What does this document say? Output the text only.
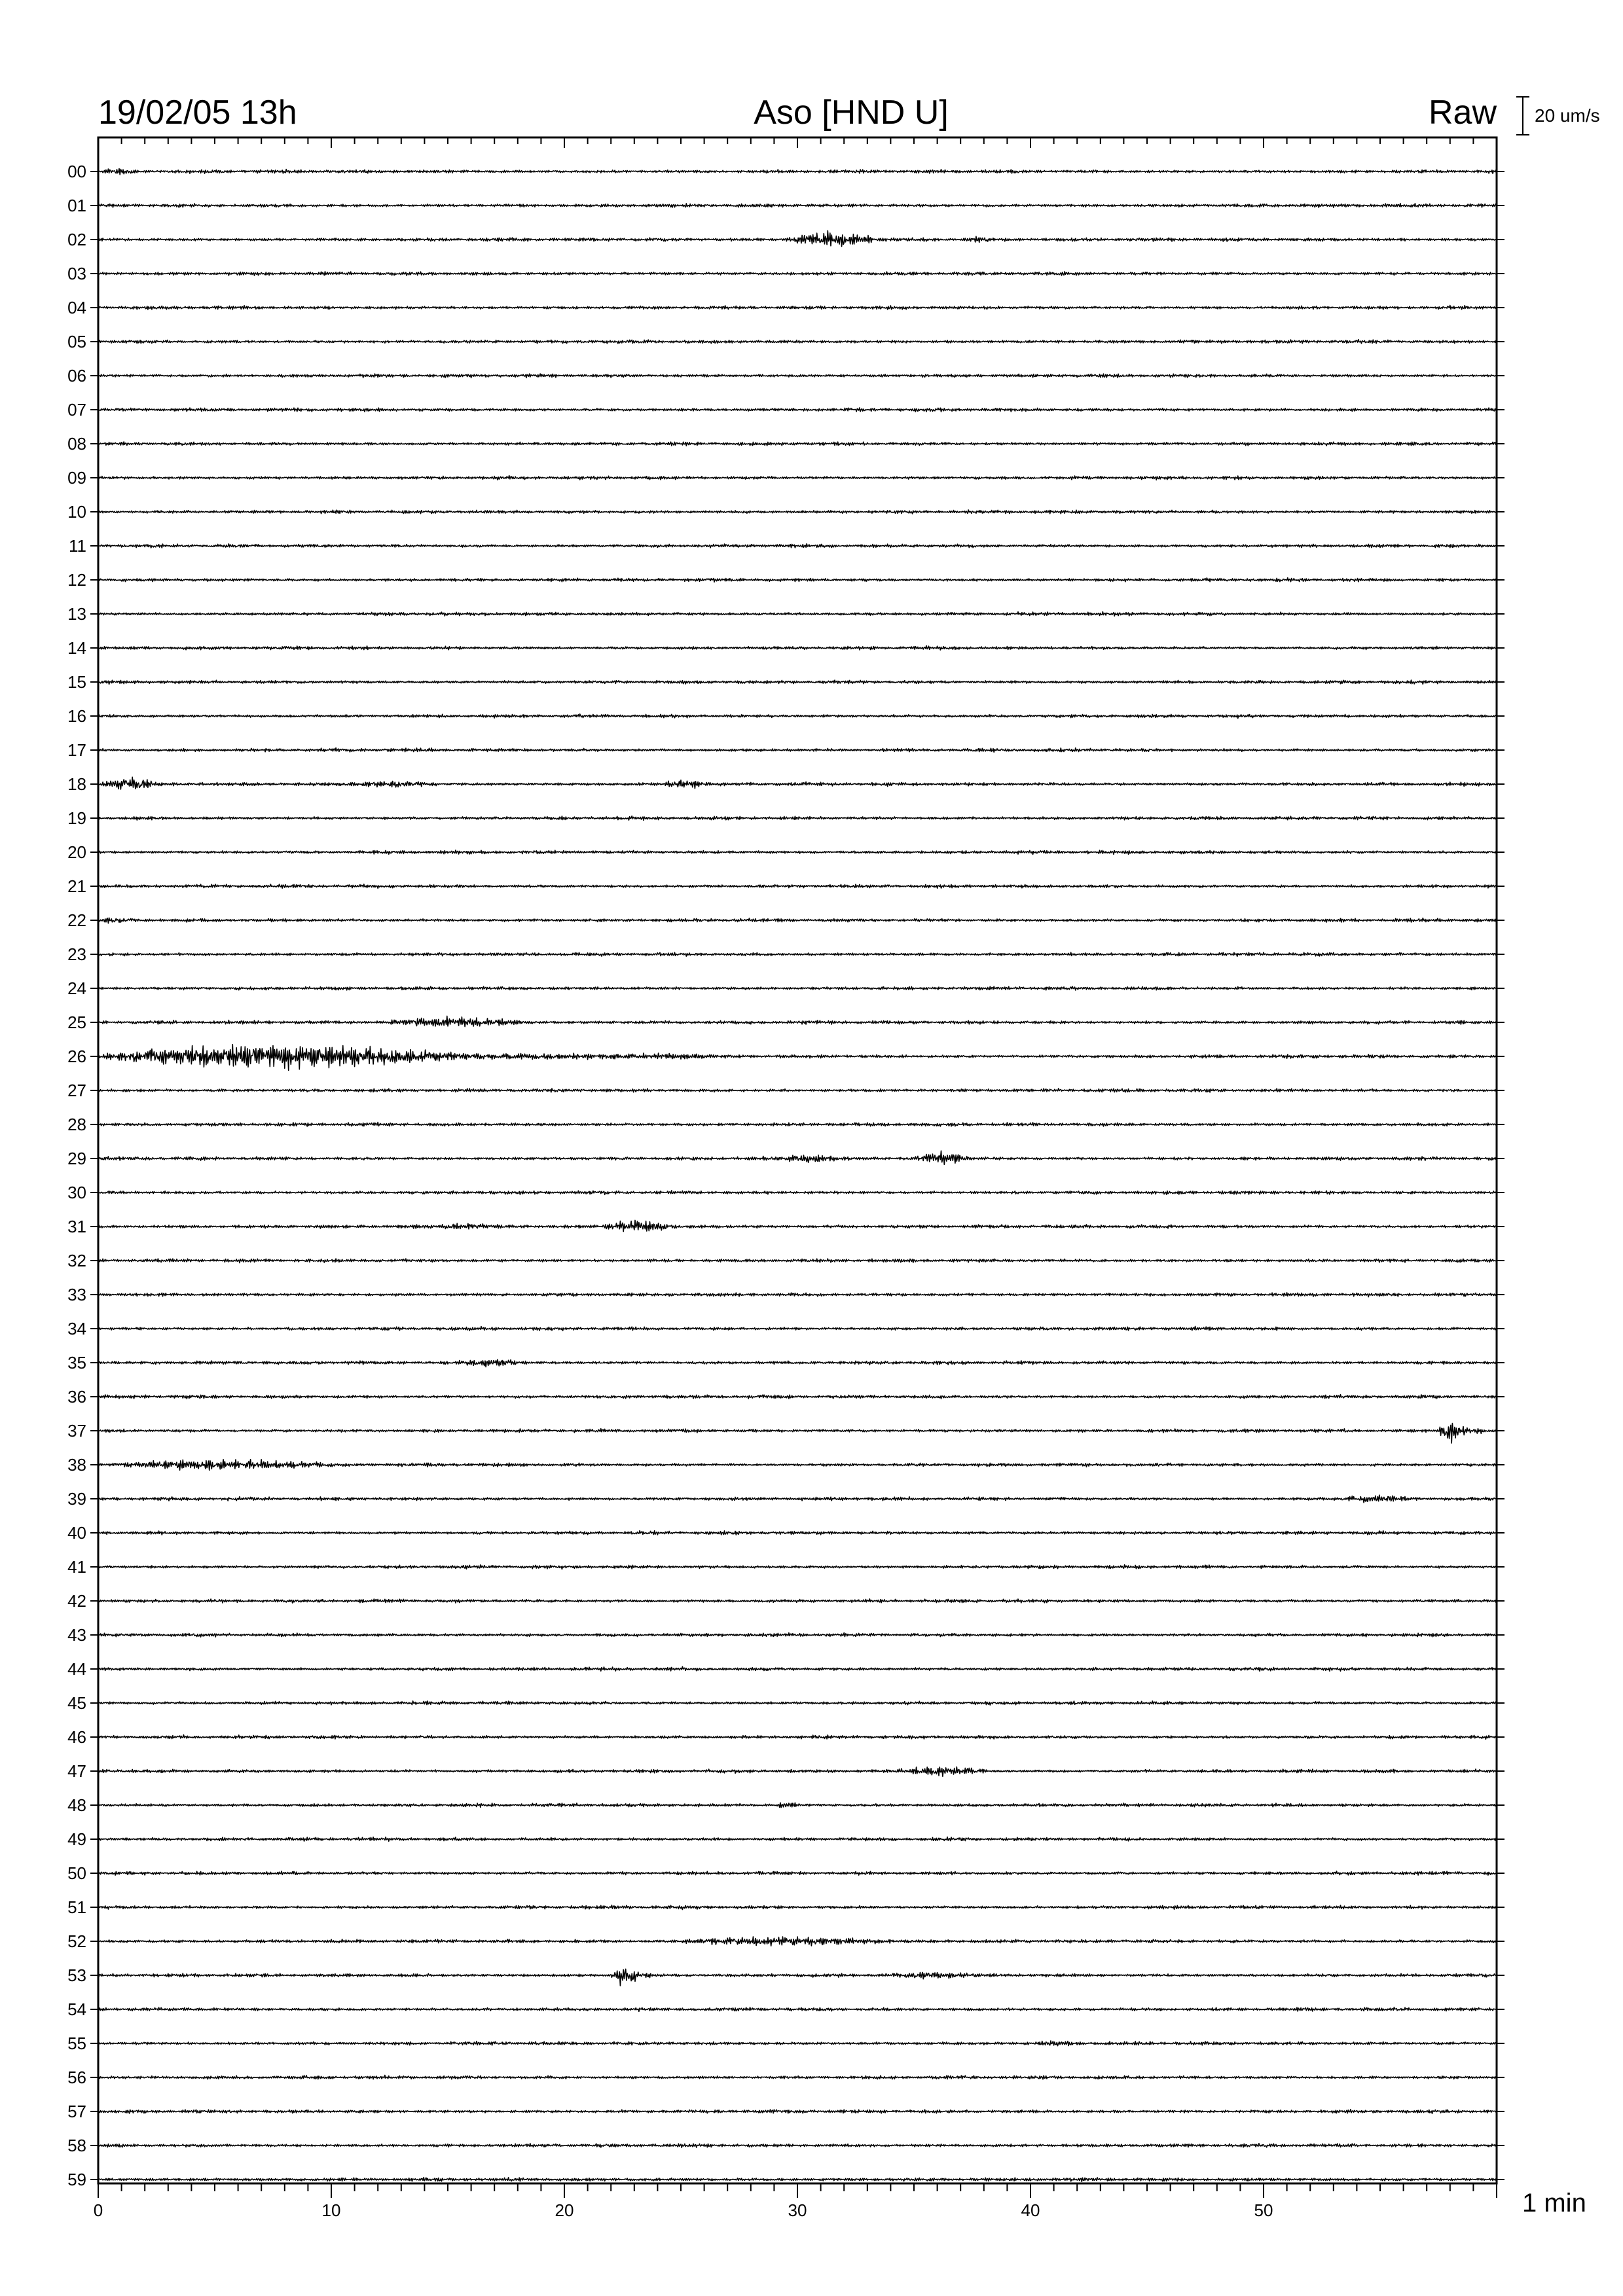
19/02/05 13h	Aso [HND U]	Raw 20 um/s
1 min
0	10	20	30	40	50
00
01
02
03
04
05
06
07
08
09
10
11
12
13
14
15
16
17
18
19
20
21
22
23
24
25
26
27
28
29
30
31
32
33
34
35
36
37
38
39
40
41
42
43
44
45
46
47
48
49
50
51
52
53
54
55
56
57
58
59
